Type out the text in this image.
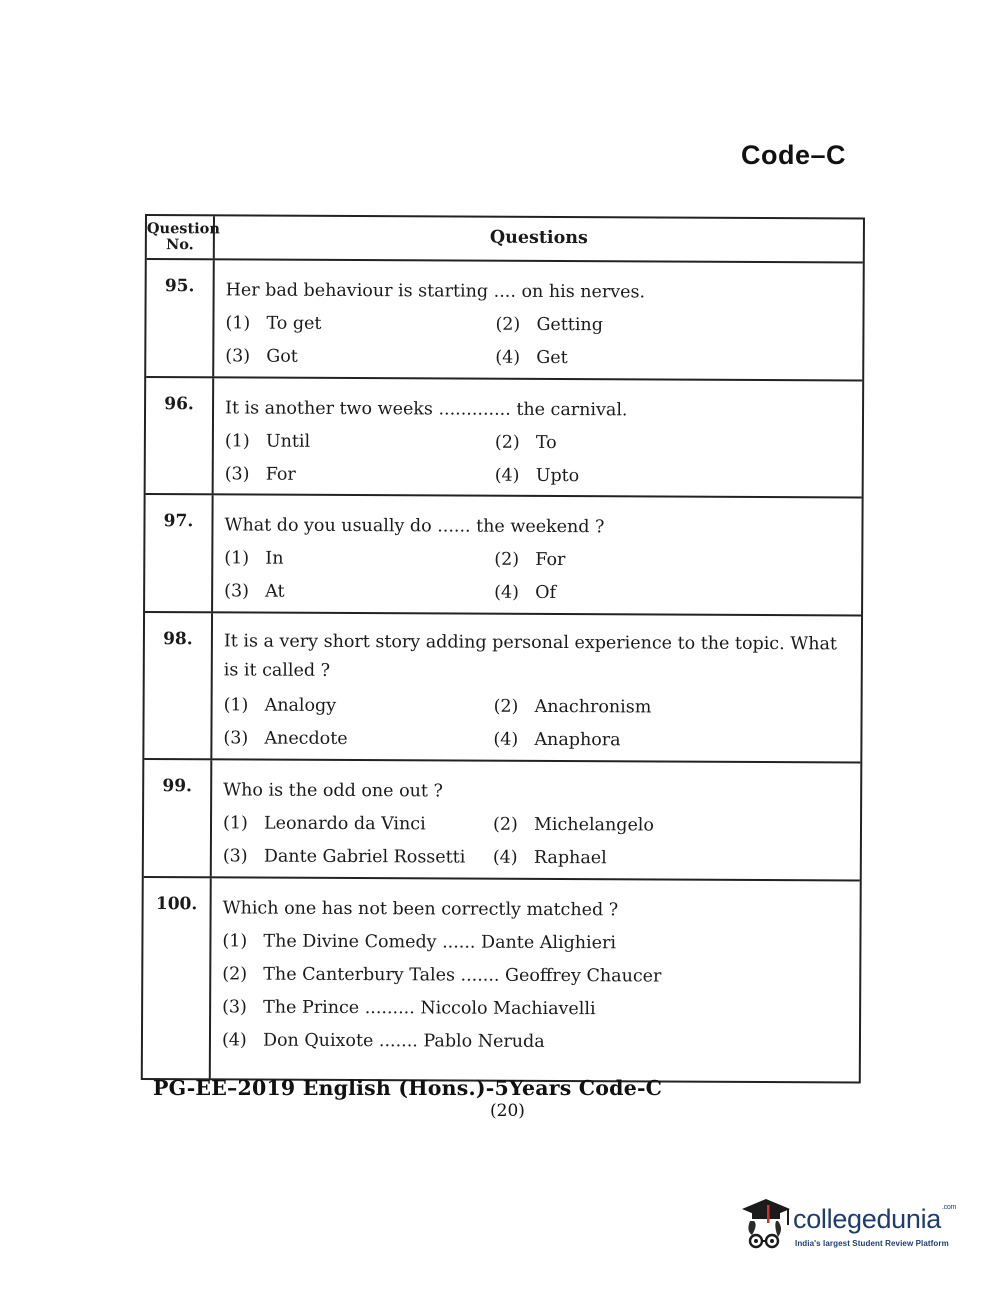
Code–C
Question
No.	Questions
95.	Her bad behaviour is starting .... on his nerves.
(1) To get	(2) Getting
(3) Got	(4) Get
96.	It is another two weeks ............. the carnival.
(1) Until	(2) To
(3) For	(4) Upto
97.	What do you usually do ...... the weekend ?
(1) In	(2) For
(3) At	(4) Of
98.	It is a very short story adding personal experience to the topic. What is it called ?
(1) Analogy	(2) Anachronism
(3) Anecdote	(4) Anaphora
99.	Who is the odd one out ?
(1) Leonardo da Vinci	(2) Michelangelo
(3) Dante Gabriel Rossetti (4) Raphael
100.	Which one has not been correctly matched ?
(1) The Divine Comedy ...... Dante Alighieri
(2) The Canterbury Tales ....... Geoffrey Chaucer
(3) The Prince ......... Niccolo Machiavelli
(4) Don Quixote ....... Pablo Neruda
PG-EE–2019 English (Hons.)-5Years Code-C
(20)
collegedunia$^{.com}$
India's largest Student Review Platform
